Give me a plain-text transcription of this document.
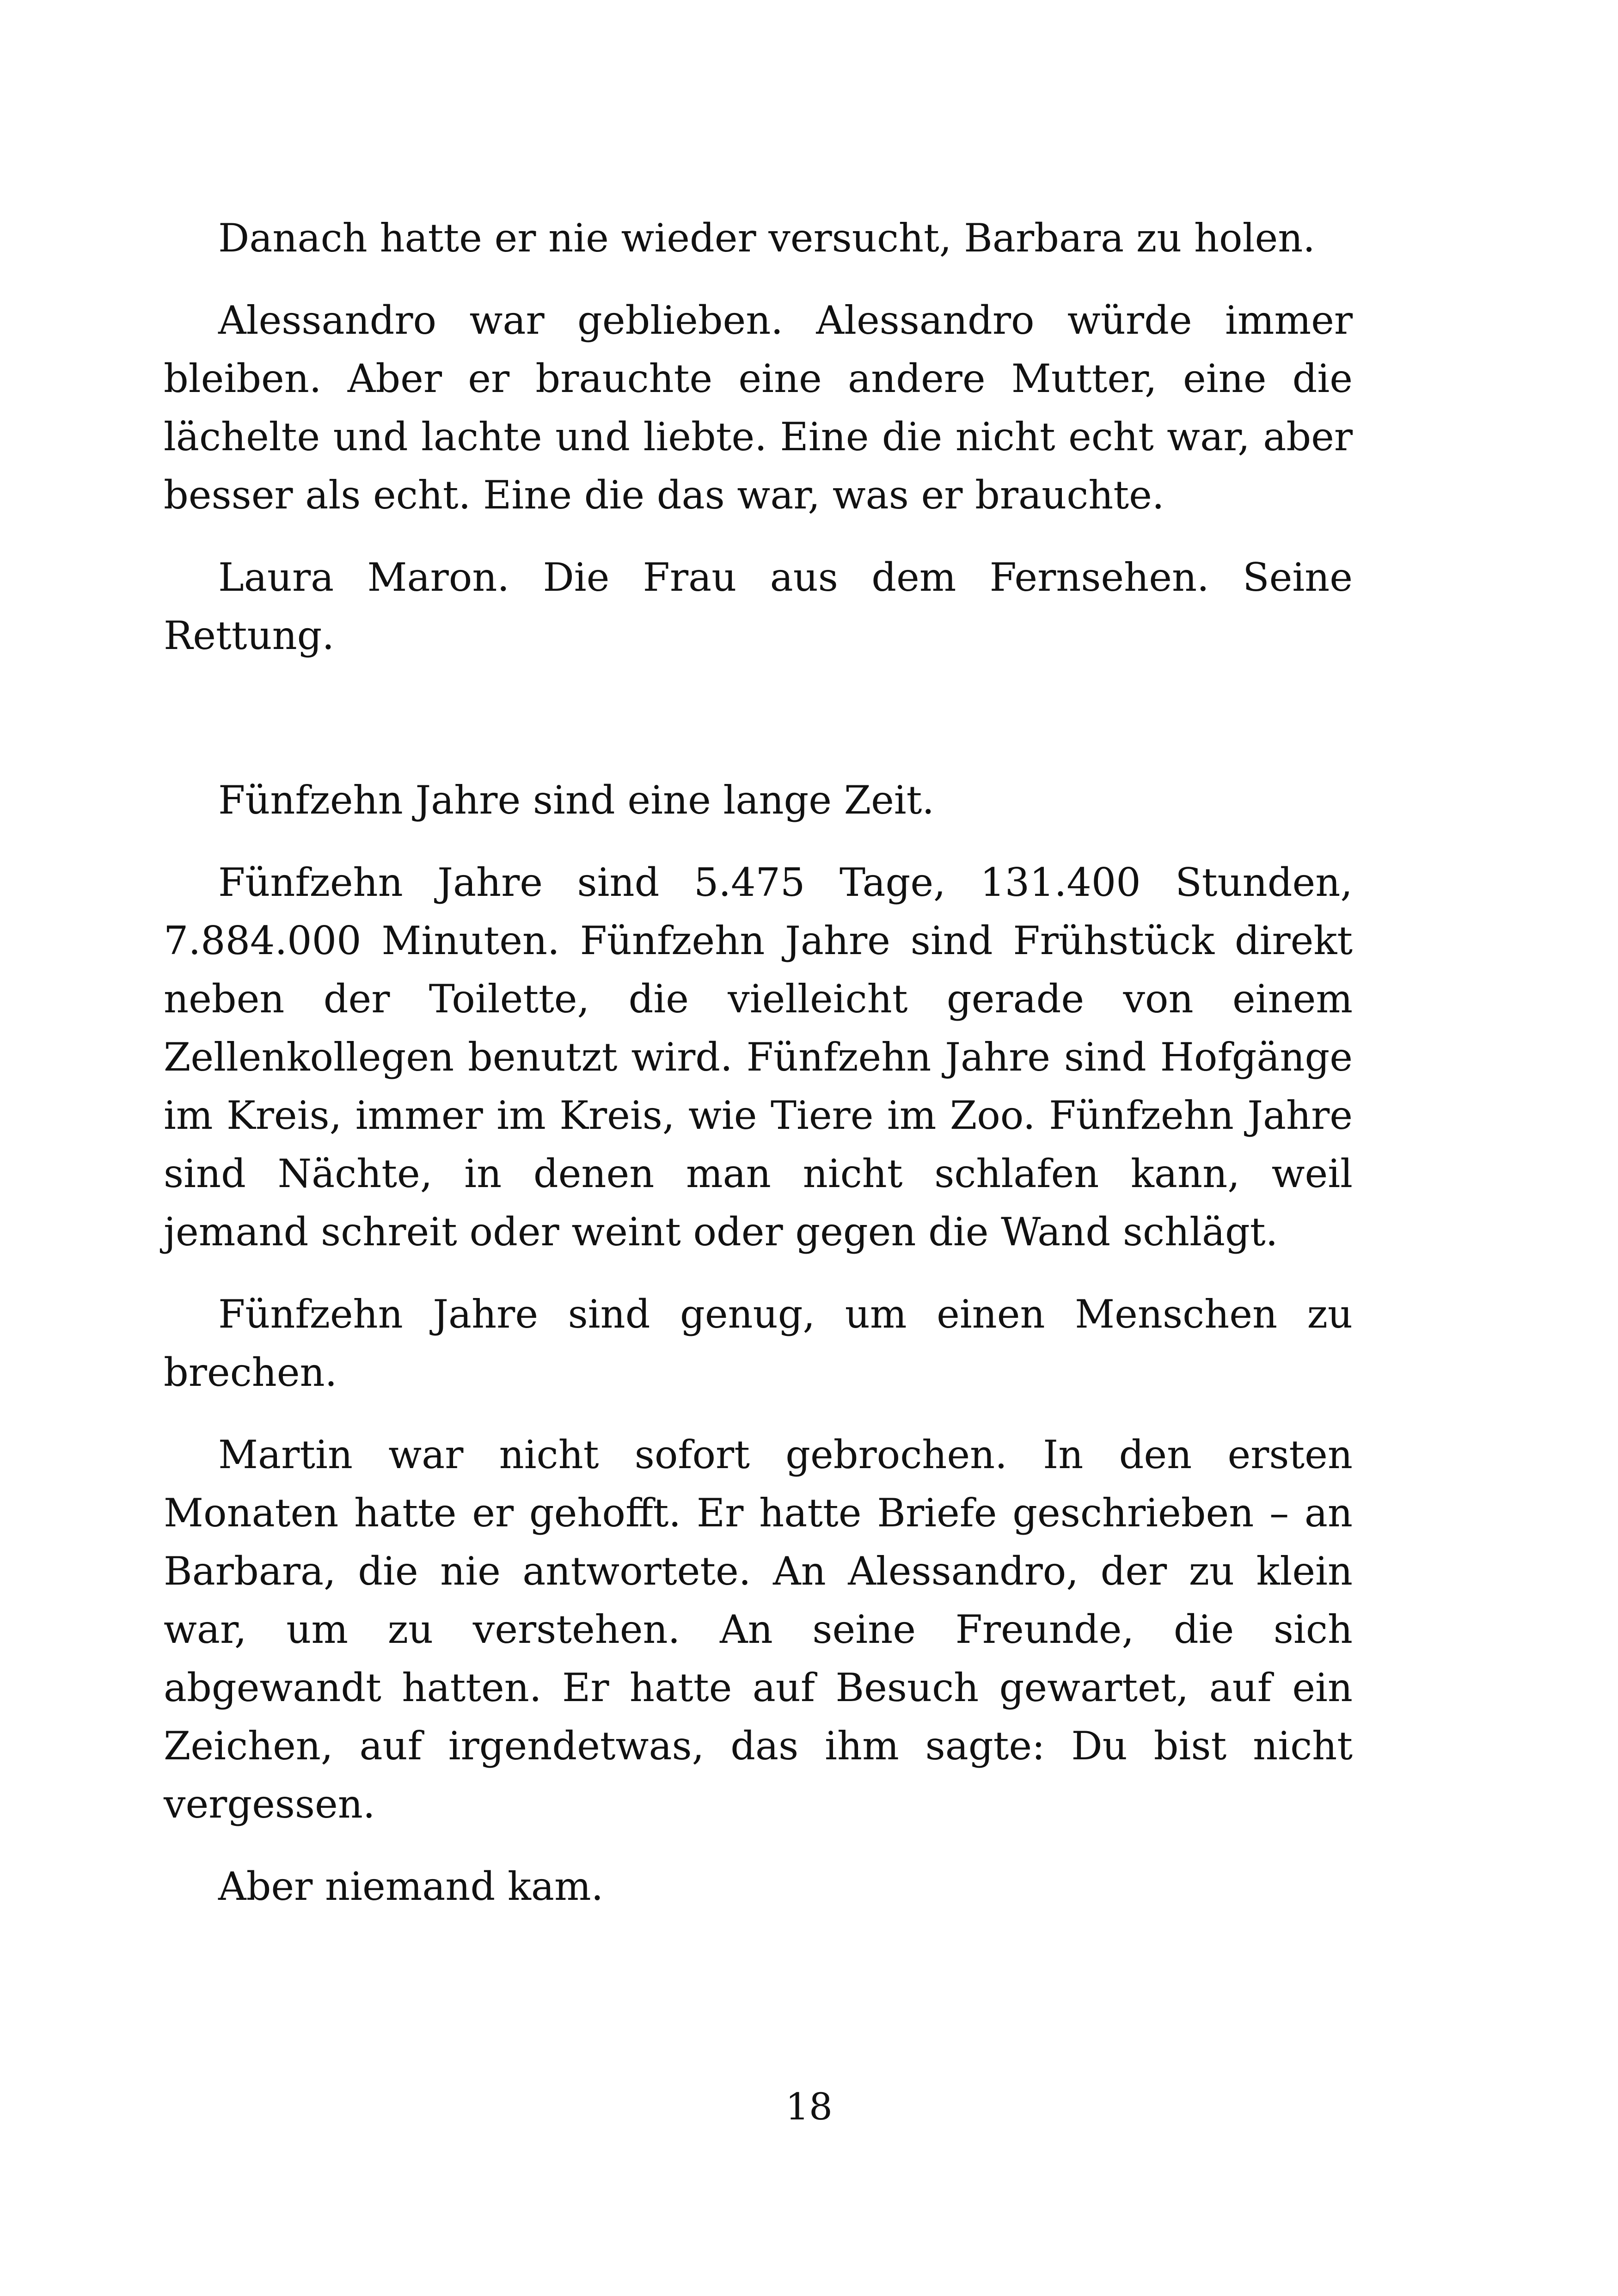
Danach hatte er nie wieder versucht, Barbara zu holen.

Alessandro war geblieben. Alessandro würde immer bleiben. Aber er brauchte eine andere Mutter, eine die lächelte und lachte und liebte. Eine die nicht echt war, aber besser als echt. Eine die das war, was er brauchte.

Laura Maron. Die Frau aus dem Fernsehen. Seine Rettung.

Fünfzehn Jahre sind eine lange Zeit.

Fünfzehn Jahre sind 5.475 Tage, 131.400 Stunden, 7.884.000 Minuten. Fünfzehn Jahre sind Frühstück direkt neben der Toilette, die vielleicht gerade von einem Zellenkollegen benutzt wird. Fünfzehn Jahre sind Hofgänge im Kreis, immer im Kreis, wie Tiere im Zoo. Fünfzehn Jahre sind Nächte, in denen man nicht schlafen kann, weil jemand schreit oder weint oder gegen die Wand schlägt.

Fünfzehn Jahre sind genug, um einen Menschen zu brechen.

Martin war nicht sofort gebrochen. In den ersten Monaten hatte er gehofft. Er hatte Briefe geschrieben – an Barbara, die nie antwortete. An Alessandro, der zu klein war, um zu verstehen. An seine Freunde, die sich abgewandt hatten. Er hatte auf Besuch gewartet, auf ein Zeichen, auf irgendetwas, das ihm sagte: Du bist nicht vergessen.

Aber niemand kam.

18
